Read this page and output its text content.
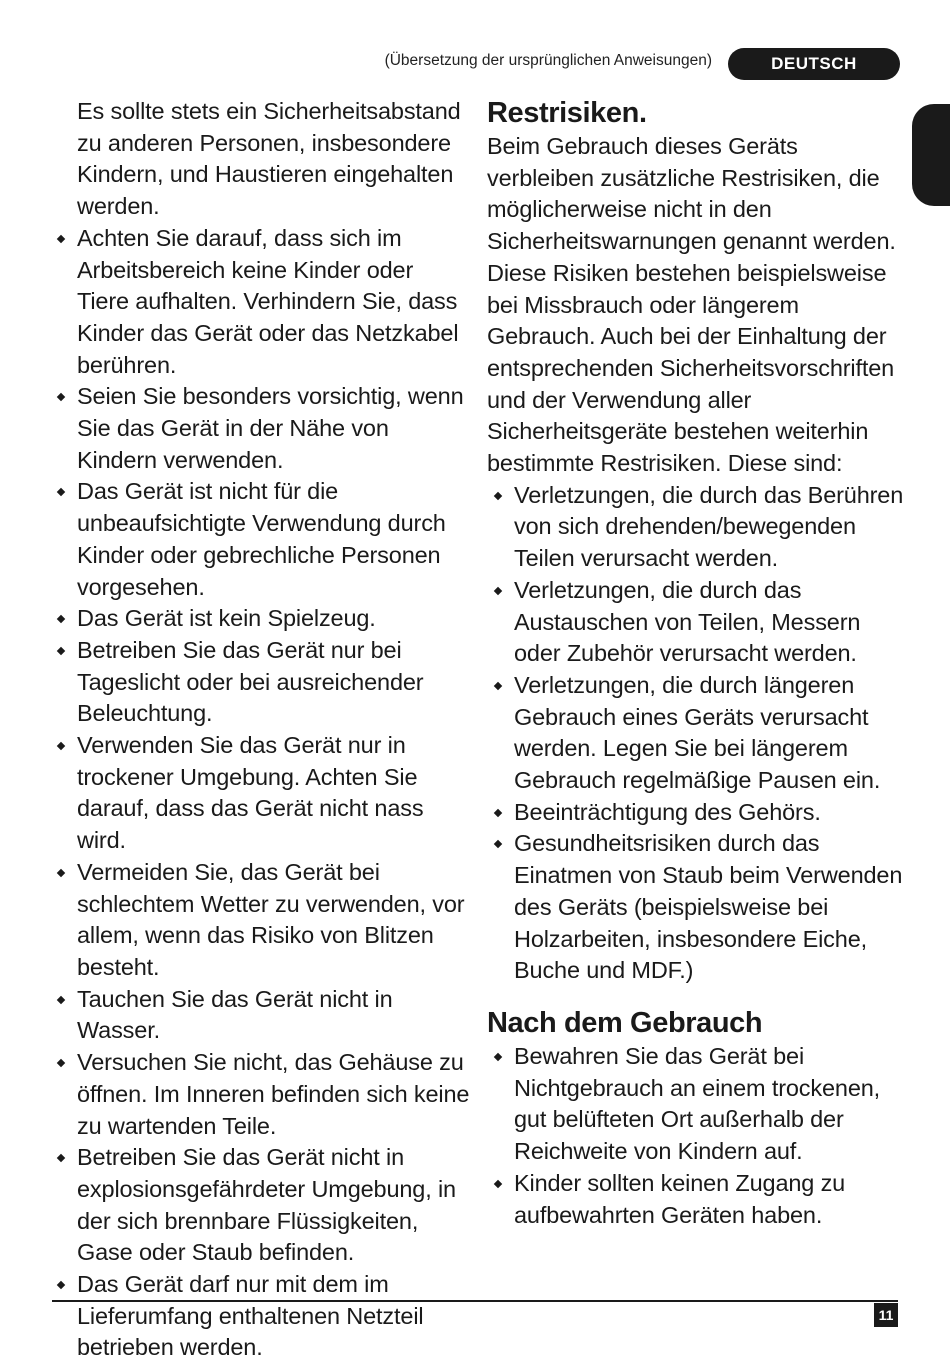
(Übersetzung der ursprünglichen Anweisungen)	DEUTSCH

Es sollte stets ein Sicherheitsabstand zu anderen Personen, insbesondere Kindern, und Haustieren eingehalten werden.

Achten Sie darauf, dass sich im Arbeitsbereich keine Kinder oder Tiere aufhalten. Verhindern Sie, dass Kinder das Gerät oder das Netzkabel berühren.

Seien Sie besonders vorsichtig, wenn Sie das Gerät in der Nähe von Kindern verwenden.

Das Gerät ist nicht für die unbeaufsichtigte Verwendung durch Kinder oder gebrechliche Personen vorgesehen.

Das Gerät ist kein Spielzeug.

Betreiben Sie das Gerät nur bei Tageslicht oder bei ausreichender Beleuchtung.

Verwenden Sie das Gerät nur in trockener Umgebung. Achten Sie darauf, dass das Gerät nicht nass wird.

Vermeiden Sie, das Gerät bei schlechtem Wetter zu verwenden, vor allem, wenn das Risiko von Blitzen besteht.

Tauchen Sie das Gerät nicht in Wasser.

Versuchen Sie nicht, das Gehäuse zu öffnen. Im Inneren befinden sich keine zu wartenden Teile.

Betreiben Sie das Gerät nicht in explosionsgefährdeter Umgebung, in der sich brennbare Flüssigkeiten, Gase oder Staub befinden.

Das Gerät darf nur mit dem im Lieferumfang enthaltenen Netzteil betrieben werden.

Restrisiken.

Beim Gebrauch dieses Geräts verbleiben zusätzliche Restrisiken, die möglicherweise nicht in den Sicherheitswarnungen genannt werden.

Diese Risiken bestehen beispielsweise bei Missbrauch oder längerem Gebrauch. Auch bei der Einhaltung der entsprechenden Sicherheitsvorschriften und der Verwendung aller Sicherheitsgeräte bestehen weiterhin bestimmte Restrisiken. Diese sind:

Verletzungen, die durch das Berühren von sich drehenden/bewegenden Teilen verursacht werden.

Verletzungen, die durch das Austauschen von Teilen, Messern oder Zubehör verursacht werden.

Verletzungen, die durch längeren Gebrauch eines Geräts verursacht werden. Legen Sie bei längerem Gebrauch regelmäßige Pausen ein.

Beeinträchtigung des Gehörs.

Gesundheitsrisiken durch das Einatmen von Staub beim Verwenden des Geräts (beispielsweise bei Holzarbeiten, insbesondere Eiche, Buche und MDF.)

Nach dem Gebrauch

Bewahren Sie das Gerät bei Nichtgebrauch an einem trockenen, gut belüfteten Ort außerhalb der Reichweite von Kindern auf.

Kinder sollten keinen Zugang zu aufbewahrten Geräten haben.

11
